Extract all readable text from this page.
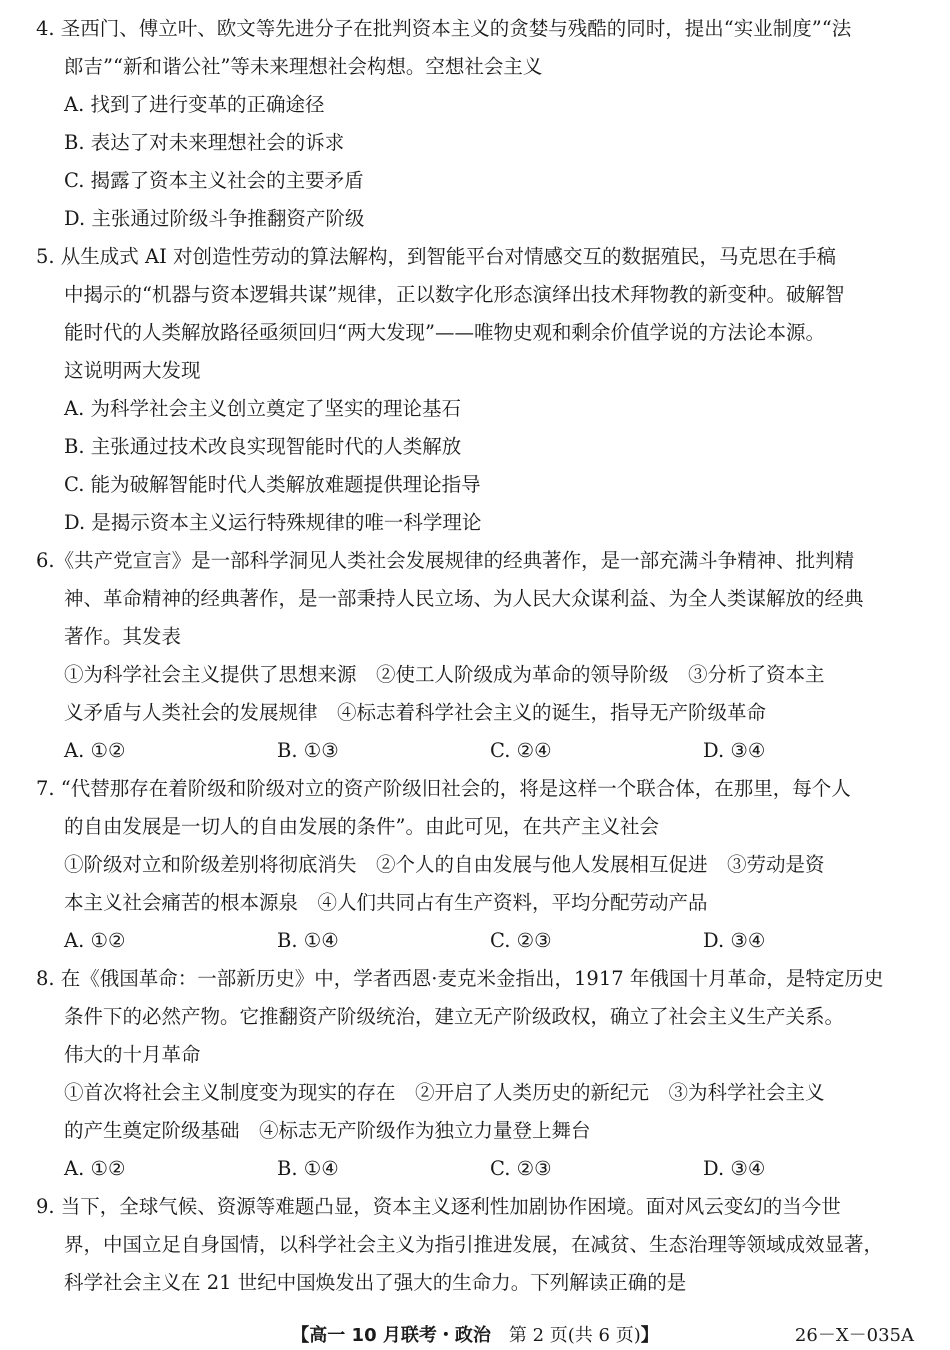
4. 圣西门、傅立叶、欧文等先进分子在批判资本主义的贪婪与残酷的同时，提出“实业制度”“法
郎吉”“新和谐公社”等未来理想社会构想。空想社会主义
A. 找到了进行变革的正确途径
B. 表达了对未来理想社会的诉求
C. 揭露了资本主义社会的主要矛盾
D. 主张通过阶级斗争推翻资产阶级
5. 从生成式 AI 对创造性劳动的算法解构，到智能平台对情感交互的数据殖民，马克思在手稿
中揭示的“机器与资本逻辑共谋”规律，正以数字化形态演绎出技术拜物教的新变种。破解智
能时代的人类解放路径亟须回归“两大发现”——唯物史观和剩余价值学说的方法论本源。
这说明两大发现
A. 为科学社会主义创立奠定了坚实的理论基石
B. 主张通过技术改良实现智能时代的人类解放
C. 能为破解智能时代人类解放难题提供理论指导
D. 是揭示资本主义运行特殊规律的唯一科学理论
6.《共产党宣言》是一部科学洞见人类社会发展规律的经典著作，是一部充满斗争精神、批判精
神、革命精神的经典著作，是一部秉持人民立场、为人民大众谋利益、为全人类谋解放的经典
著作。其发表
①为科学社会主义提供了思想来源　②使工人阶级成为革命的领导阶级　③分析了资本主
义矛盾与人类社会的发展规律　④标志着科学社会主义的诞生，指导无产阶级革命
A. ①②	B. ①③	C. ②④	D. ③④
7. “代替那存在着阶级和阶级对立的资产阶级旧社会的，将是这样一个联合体，在那里，每个人
的自由发展是一切人的自由发展的条件”。由此可见，在共产主义社会
①阶级对立和阶级差别将彻底消失　②个人的自由发展与他人发展相互促进　③劳动是资
本主义社会痛苦的根本源泉　④人们共同占有生产资料，平均分配劳动产品
A. ①②	B. ①④	C. ②③	D. ③④
8. 在《俄国革命：一部新历史》中，学者西恩·麦克米金指出，1917 年俄国十月革命，是特定历史
条件下的必然产物。它推翻资产阶级统治，建立无产阶级政权，确立了社会主义生产关系。
伟大的十月革命
①首次将社会主义制度变为现实的存在　②开启了人类历史的新纪元　③为科学社会主义
的产生奠定阶级基础　④标志无产阶级作为独立力量登上舞台
A. ①②	B. ①④	C. ②③	D. ③④
9. 当下，全球气候、资源等难题凸显，资本主义逐利性加剧协作困境。面对风云变幻的当今世
界，中国立足自身国情，以科学社会主义为指引推进发展，在减贫、生态治理等领域成效显著，
科学社会主义在 21 世纪中国焕发出了强大的生命力。下列解读正确的是
【高一 10 月联考・政治　 第 2 页(共 6 页)】	26－X－035A
